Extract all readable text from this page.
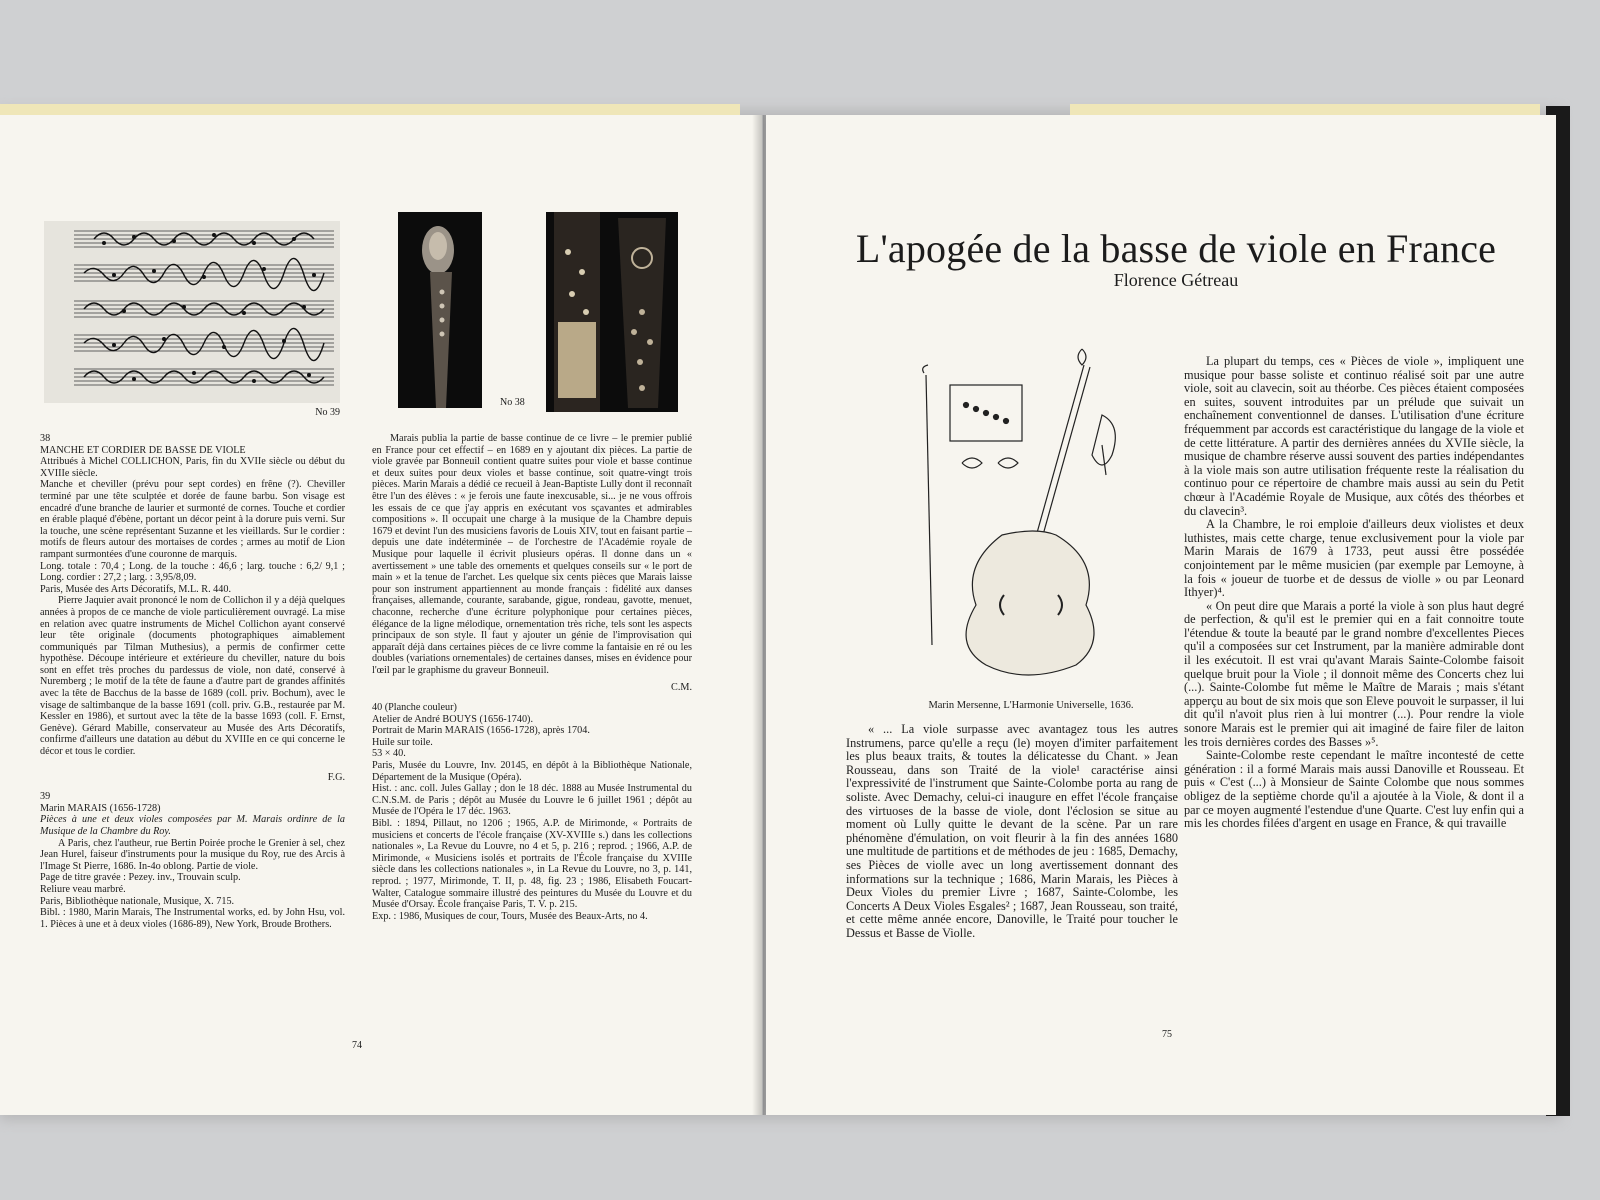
No 39
No 38

38

MANCHE ET CORDIER DE BASSE DE VIOLE

Attribués à Michel COLLICHON, Paris, fin du XVIIe siècle ou début du XVIIIe siècle.

Manche et cheviller (prévu pour sept cordes) en frêne (?). Cheviller terminé par une tête sculptée et dorée de faune barbu. Son visage est encadré d'une branche de laurier et surmonté de cornes. Touche et cordier en érable plaqué d'ébène, portant un décor peint à la dorure puis verni. Sur la touche, une scène représentant Suzanne et les vieillards. Sur le cordier : motifs de fleurs autour des mortaises de cordes ; armes au motif de Lion rampant surmontées d'une couronne de marquis.

Long. totale : 70,4 ; Long. de la touche : 46,6 ; larg. touche : 6,2/ 9,1 ; Long. cordier : 27,2 ; larg. : 3,95/8,09.

Paris, Musée des Arts Décoratifs, M.L. R. 440.

Pierre Jaquier avait prononcé le nom de Collichon il y a déjà quelques années à propos de ce manche de viole particulièrement ouvragé. La mise en relation avec quatre instruments de Michel Collichon ayant conservé leur tête originale (documents photographiques aimablement communiqués par Tilman Muthesius), a permis de confirmer cette hypothèse. Découpe intérieure et extérieure du cheviller, nature du bois sont en effet très proches du pardessus de viole, non daté, conservé à Nuremberg ; le motif de la tête de faune a d'autre part de grandes affinités avec la tête de Bacchus de la basse de 1689 (coll. priv. Bochum), avec le visage de saltimbanque de la basse 1691 (coll. priv. G.B., restaurée par M. Kessler en 1986), et surtout avec la tête de la basse 1693 (coll. F. Ernst, Genève). Gérard Mabille, conservateur au Musée des Arts Décoratifs, confirme d'ailleurs une datation au début du XVIIIe en ce qui concerne le décor et tous le cordier.

F.G.

39

Marin MARAIS (1656-1728)

Pièces à une et deux violes composées par M. Marais ordinre de la Musique de la Chambre du Roy.

A Paris, chez l'autheur, rue Bertin Poirée proche le Grenier à sel, chez Jean Hurel, faiseur d'instruments pour la musique du Roy, rue des Arcis à l'Image St Pierre, 1686. In-4o oblong. Partie de viole.

Page de titre gravée : Pezey. inv., Trouvain sculp.

Reliure veau marbré.

Paris, Bibliothèque nationale, Musique, X. 715.

Bibl. : 1980, Marin Marais, The Instrumental works, ed. by John Hsu, vol. 1. Pièces à une et à deux violes (1686-89), New York, Broude Brothers.

Marais publia la partie de basse continue de ce livre – le premier publié en France pour cet effectif – en 1689 en y ajoutant dix pièces. La partie de viole gravée par Bonneuil contient quatre suites pour viole et basse continue et deux suites pour deux violes et basse continue, soit quatre-vingt trois pièces. Marin Marais a dédié ce recueil à Jean-Baptiste Lully dont il reconnaît être l'un des élèves : « je ferois une faute inexcusable, si... je ne vous offrois les essais de ce que j'ay appris en exécutant vos sçavantes et admirables compositions ». Il occupait une charge à la musique de la Chambre depuis 1679 et devint l'un des musiciens favoris de Louis XIV, tout en faisant partie – depuis une date indéterminée – de l'orchestre de l'Académie royale de Musique pour laquelle il écrivit plusieurs opéras. Il donne dans un « avertissement » une table des ornements et quelques conseils sur « le port de main » et la tenue de l'archet. Les quelque six cents pièces que Marais laisse pour son instrument appartiennent au monde français : fidélité aux danses françaises, allemande, courante, sarabande, gigue, rondeau, gavotte, menuet, chaconne, recherche d'une écriture polyphonique pour certaines pièces, élégance de la ligne mélodique, ornementation très riche, tels sont les aspects principaux de son style. Il faut y ajouter un génie de l'improvisation qui apparaît déjà dans certaines pièces de ce livre comme la fantaisie en ré ou les doubles (variations ornementales) de certaines danses, mises en évidence pour l'œil par le graphisme du graveur Bonneuil.

C.M.

40 (Planche couleur)

Atelier de André BOUYS (1656-1740).

Portrait de Marin MARAIS (1656-1728), après 1704.

Huile sur toile.

53 × 40.

Paris, Musée du Louvre, Inv. 20145, en dépôt à la Bibliothèque Nationale, Département de la Musique (Opéra).

Hist. : anc. coll. Jules Gallay ; don le 18 déc. 1888 au Musée Instrumental du C.N.S.M. de Paris ; dépôt au Musée du Louvre le 6 juillet 1961 ; dépôt au Musée de l'Opéra le 17 déc. 1963.

Bibl. : 1894, Pillaut, no 1206 ; 1965, A.P. de Mirimonde, « Portraits de musiciens et concerts de l'école française (XV-XVIIIe s.) dans les collections nationales », La Revue du Louvre, no 4 et 5, p. 216 ; reprod. ; 1966, A.P. de Mirimonde, « Musiciens isolés et portraits de l'École française du XVIIIe siècle dans les collections nationales », in La Revue du Louvre, no 3, p. 141, reprod. ; 1977, Mirimonde, T. II, p. 48, fig. 23 ; 1986, Elisabeth Foucart-Walter, Catalogue sommaire illustré des peintures du Musée du Louvre et du Musée d'Orsay. École française Paris, T. V. p. 215.

Exp. : 1986, Musiques de cour, Tours, Musée des Beaux-Arts, no 4.

74
L'apogée de la basse de viole en France
Florence Gétreau
Marin Mersenne, L'Harmonie Universelle, 1636.

« ... La viole surpasse avec avantagez tous les autres Instrumens, parce qu'elle a reçu (le) moyen d'imiter parfaitement les plus beaux traits, & toutes la délicatesse du Chant. » Jean Rousseau, dans son Traité de la viole¹ caractérise ainsi l'expressivité de l'instrument que Sainte-Colombe porta au rang de soliste. Avec Demachy, celui-ci inaugure en effet l'école française des virtuoses de la basse de viole, dont l'éclosion se situe au moment où Lully quitte le devant de la scène. Par un rare phénomène d'émulation, on voit fleurir à la fin des années 1680 une multitude de partitions et de méthodes de jeu : 1685, Demachy, ses Pièces de violle avec un long avertissement donnant des informations sur la technique ; 1686, Marin Marais, les Pièces à Deux Violes du premier Livre ; 1687, Sainte-Colombe, les Concerts A Deux Violes Esgales² ; 1687, Jean Rousseau, son traité, et cette même année encore, Danoville, le Traité pour toucher le Dessus et Basse de Violle.

La plupart du temps, ces « Pièces de viole », impliquent une musique pour basse soliste et continuo réalisé soit par une autre viole, soit au clavecin, soit au théorbe. Ces pièces étaient composées en suites, souvent introduites par un prélude que suivait un enchaînement conventionnel de danses. L'utilisation d'une écriture fréquemment par accords est caractéristique du langage de la viole et de cette littérature. A partir des dernières années du XVIIe siècle, la musique de chambre réserve aussi souvent des parties indépendantes à la viole mais son autre utilisation fréquente reste la réalisation du continuo pour ce répertoire de chambre mais aussi au sein du Petit chœur à l'Académie Royale de Musique, aux côtés des théorbes et du clavecin³.

A la Chambre, le roi emploie d'ailleurs deux violistes et deux luthistes, mais cette charge, tenue exclusivement pour la viole par Marin Marais de 1679 à 1733, peut aussi être possédée conjointement par le même musicien (par exemple par Lemoyne, à la fois « joueur de tuorbe et de dessus de violle » ou par Leonard Ithyer)⁴.

« On peut dire que Marais a porté la viole à son plus haut degré de perfection, & qu'il est le premier qui en a fait connoitre toute l'étendue & toute la beauté par le grand nombre d'excellentes Pieces qu'il a composées sur cet Instrument, par la manière admirable dont il les exécutoit. Il est vrai qu'avant Marais Sainte-Colombe faisoit quelque bruit pour la Viole ; il donnoit même des Concerts chez lui (...). Sainte-Colombe fut même le Maître de Marais ; mais s'étant apperçu au bout de six mois que son Eleve pouvoit le surpasser, il lui dit qu'il n'avoit plus rien à lui montrer (...). Pour rendre la viole sonore Marais est le premier qui ait imaginé de faire filer de laiton les trois dernières cordes des Basses »⁵.

Sainte-Colombe reste cependant le maître incontesté de cette génération : il a formé Marais mais aussi Danoville et Rousseau. Et puis « C'est (...) à Monsieur de Sainte Colombe que nous sommes obligez de la septième chorde qu'il a ajoutée à la Viole, & dont il a par ce moyen augmenté l'estendue d'une Quarte. C'est luy enfin qui a mis les chordes filées d'argent en usage en France, & qui travaille

75
